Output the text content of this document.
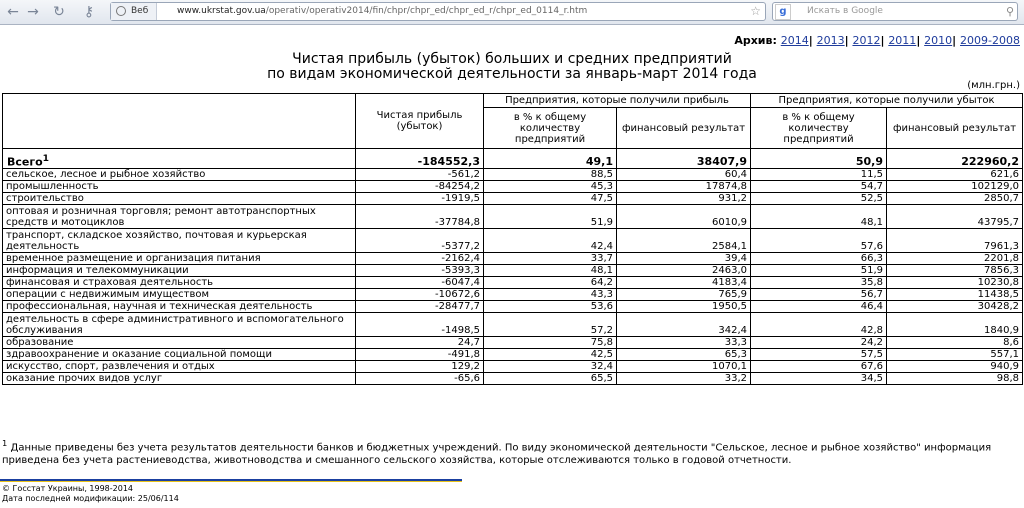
← → ↻ ⚷	Веб	www.ukrstat.gov.ua/operativ/operativ2014/fin/chpr/chpr_ed/chpr_ed_r/chpr_ed_0114_r.htm	☆	g	Искать в Google	⚲
Архив: 2014| 2013| 2012| 2011| 2010| 2009-2008
Чистая прибыль (убыток) больших и средних предприятий
по видам экономической деятельности за январь-март 2014 года
(млн.грн.)
	Чистая прибыль (убыток)	Предприятия, которые получили прибыль		Предприятия, которые получили убыток	
		в % к общему количеству предприятий	финансовый результат	в % к общему количеству предприятий	финансовый результат
Всего$^1$	-184552,3	49,1	38407,9	50,9	222960,2
сельское, лесное и рыбное хозяйство	-561,2	88,5	60,4	11,5	621,6
промышленность	-84254,2	45,3	17874,8	54,7	102129,0
строительство	-1919,5	47,5	931,2	52,5	2850,7
оптовая и розничная торговля; ремонт автотранспортных средств и мотоциклов	-37784,8	51,9	6010,9	48,1	43795,7
транспорт, складское хозяйство, почтовая и курьерская деятельность	-5377,2	42,4	2584,1	57,6	7961,3
временное размещение и организация питания	-2162,4	33,7	39,4	66,3	2201,8
информация и телекоммуникации	-5393,3	48,1	2463,0	51,9	7856,3
финансовая и страховая деятельность	-6047,4	64,2	4183,4	35,8	10230,8
операции с недвижимым имуществом	-10672,6	43,3	765,9	56,7	11438,5
профессиональная, научная и техническая деятельность	-28477,7	53,6	1950,5	46,4	30428,2
деятельность в сфере административного и вспомогательного обслуживания	-1498,5	57,2	342,4	42,8	1840,9
образование	24,7	75,8	33,3	24,2	8,6
здравоохранение и оказание социальной помощи	-491,8	42,5	65,3	57,5	557,1
искусство, спорт, развлечения и отдых	129,2	32,4	1070,1	67,6	940,9
оказание прочих видов услуг	-65,6	65,5	33,2	34,5	98,8
$^1$ Данные приведены без учета результатов деятельности банков и бюджетных учреждений. По виду экономической деятельности "Сельское, лесное и рыбное хозяйство" информация приведена без учета растениеводства, животноводства и смешанного сельского хозяйства, которые отслеживаются только в годовой отчетности.
© Госстат Украины, 1998-2014
Дата последней модификации: 25/06/114
